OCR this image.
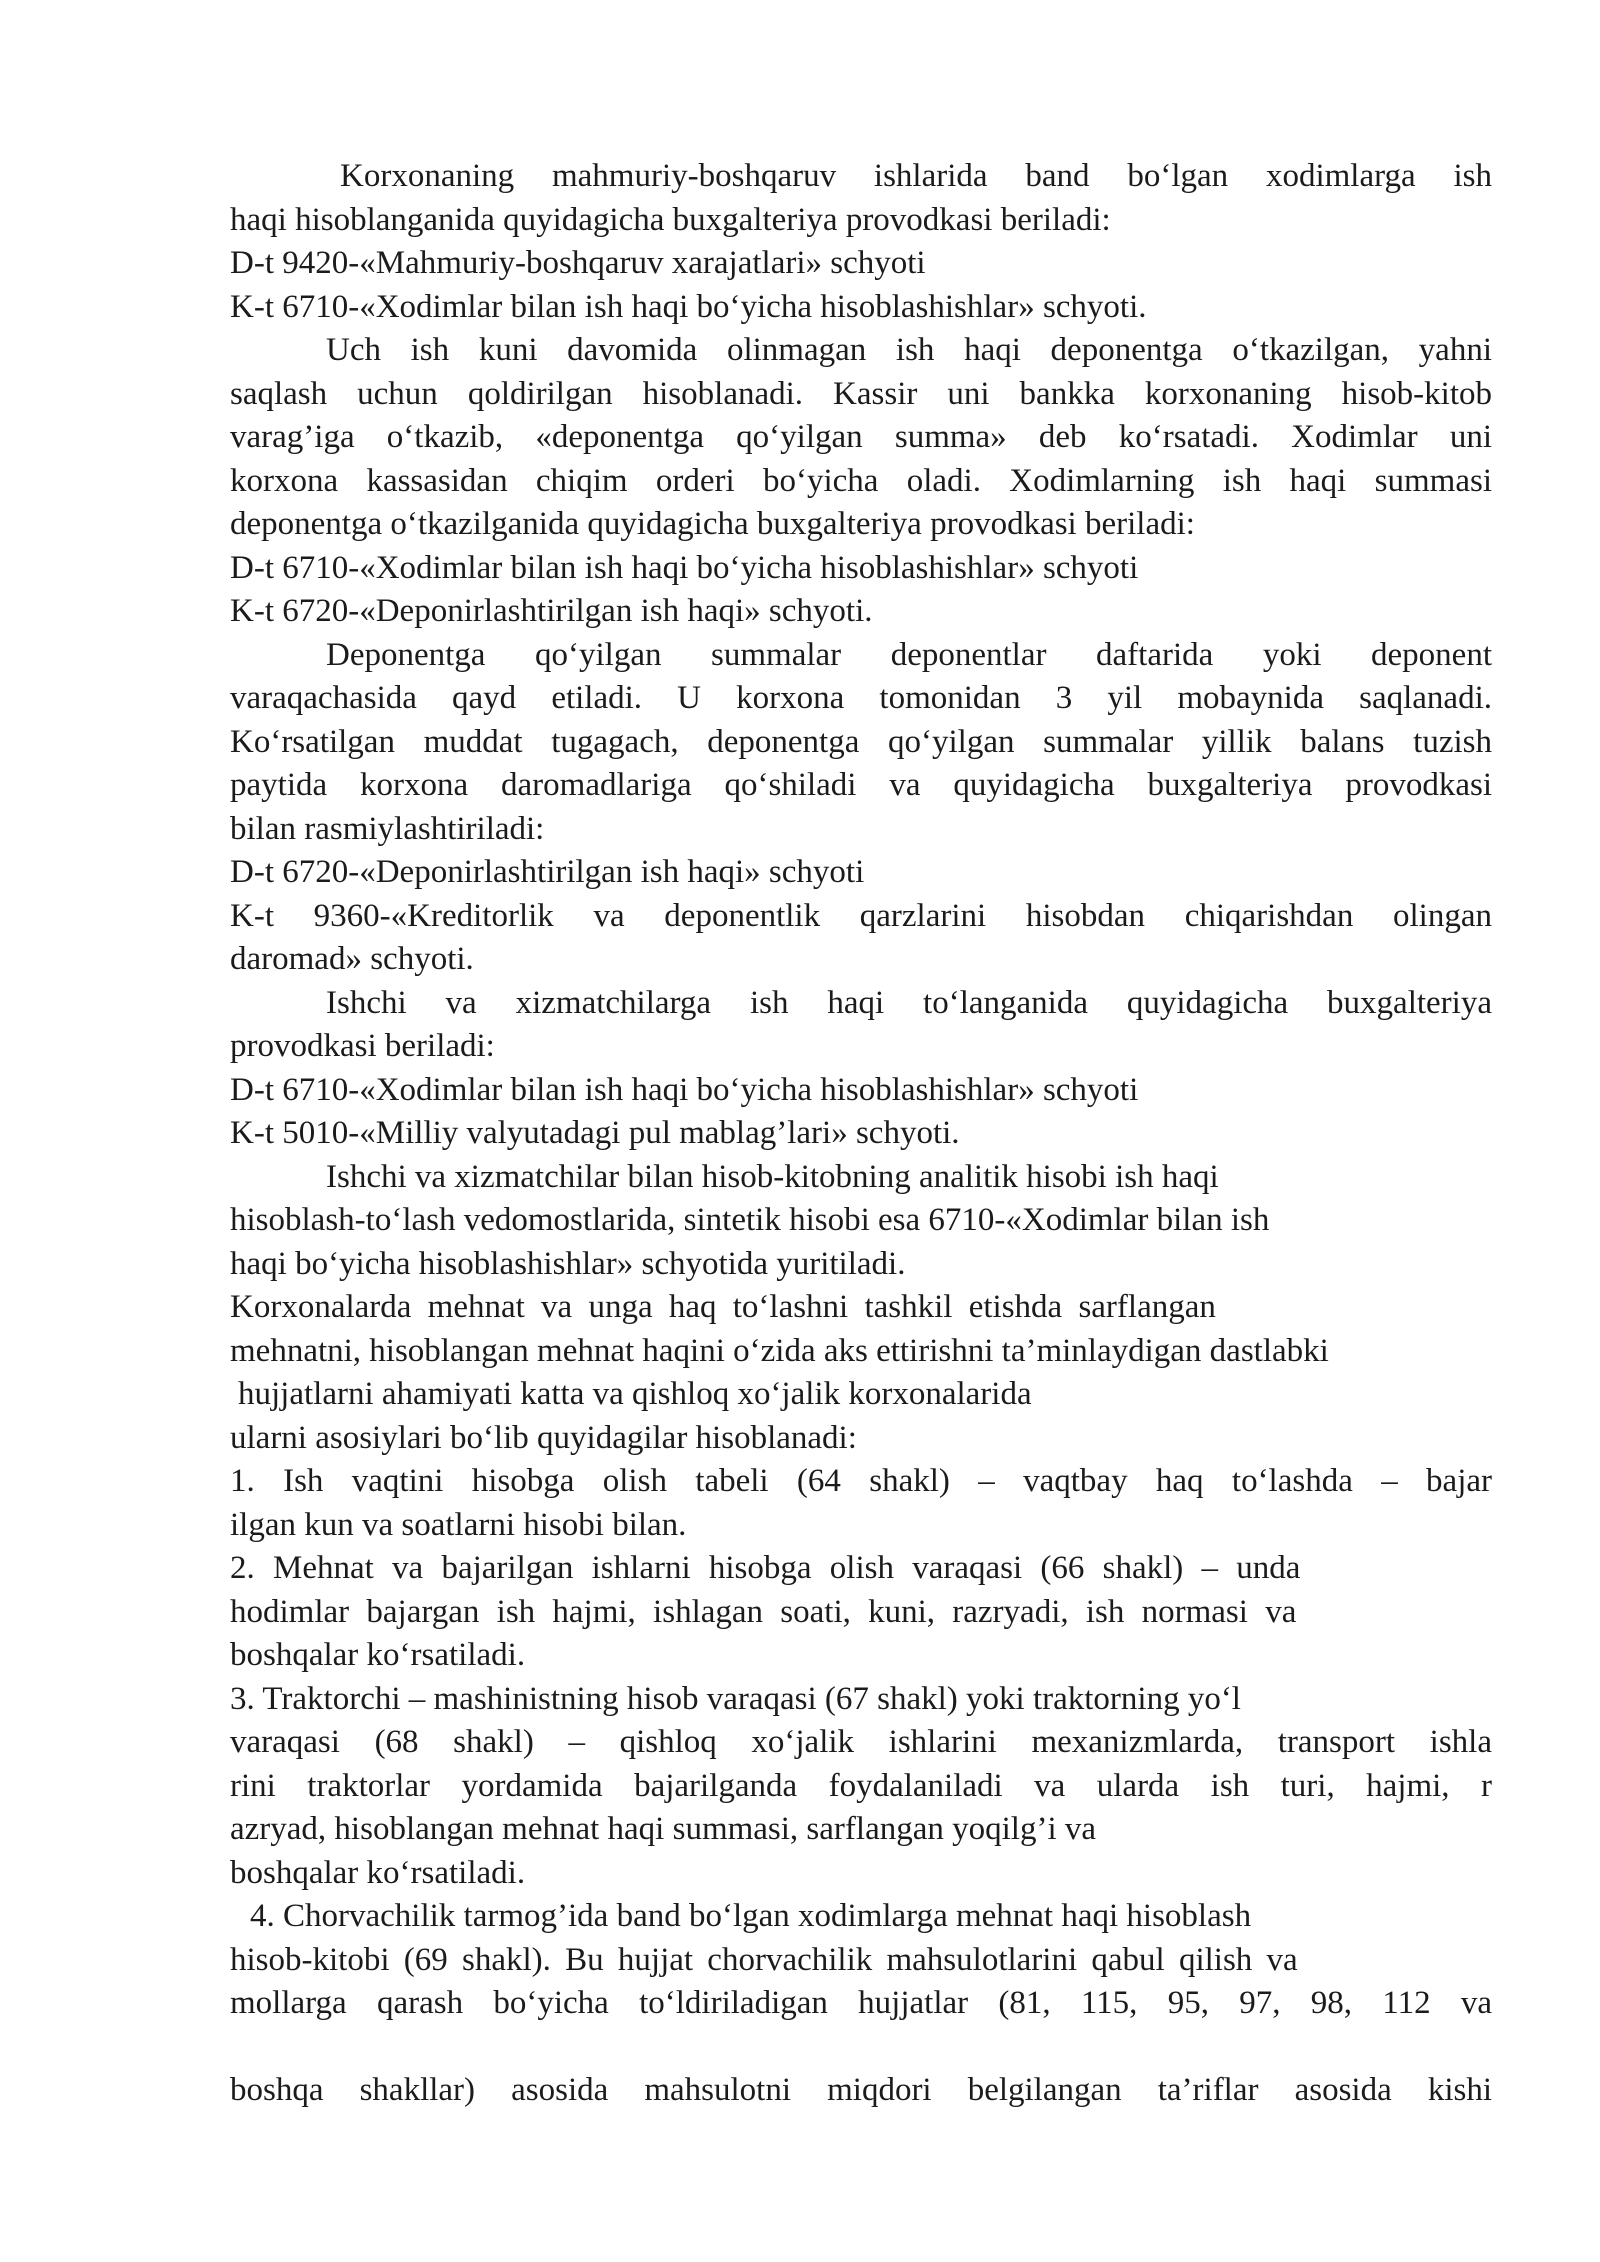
Korxonaning mahmuriy-boshqaruv ishlarida band bo‘lgan xodimlarga ish
haqi hisoblanganida quyidagicha buxgalteriya provodkasi beriladi:
D-t 9420-«Mahmuriy-boshqaruv xarajatlari» schyoti
K-t 6710-«Xodimlar bilan ish haqi bo‘yicha hisoblashishlar» schyoti.
Uch ish kuni davomida olinmagan ish haqi deponentga o‘tkazilgan, yahni
saqlash uchun qoldirilgan hisoblanadi. Kassir uni bankka korxonaning hisob-kitob
varag’iga o‘tkazib, «deponentga qo‘yilgan summa» deb ko‘rsatadi. Xodimlar uni
korxona kassasidan chiqim orderi bo‘yicha oladi. Xodimlarning ish haqi summasi
deponentga o‘tkazilganida quyidagicha buxgalteriya provodkasi beriladi:
D-t 6710-«Xodimlar bilan ish haqi bo‘yicha hisoblashishlar» schyoti
K-t 6720-«Deponirlashtirilgan ish haqi» schyoti.
Deponentga qo‘yilgan summalar deponentlar daftarida yoki deponent
varaqachasida qayd etiladi. U korxona tomonidan 3 yil mobaynida saqlanadi.
Ko‘rsatilgan muddat tugagach, deponentga qo‘yilgan summalar yillik balans tuzish
paytida korxona daromadlariga qo‘shiladi va quyidagicha buxgalteriya provodkasi
bilan rasmiylashtiriladi:
D-t 6720-«Deponirlashtirilgan ish haqi» schyoti
K-t 9360-«Kreditorlik va deponentlik qarzlarini hisobdan chiqarishdan olingan
daromad» schyoti.
Ishchi va xizmatchilarga ish haqi to‘langanida quyidagicha buxgalteriya
provodkasi beriladi:
D-t 6710-«Xodimlar bilan ish haqi bo‘yicha hisoblashishlar» schyoti
K-t 5010-«Milliy valyutadagi pul mablag’lari» schyoti.
Ishchi va xizmatchilar bilan hisob-kitobning analitik hisobi ish haqi
hisoblash-to‘lash vedomostlarida, sintetik hisobi esa 6710-«Xodimlar bilan ish
haqi bo‘yicha hisoblashishlar» schyotida yuritiladi.
Korxonalarda mehnat va unga haq to‘lashni tashkil etishda sarflangan
mehnatni, hisoblangan mehnat haqini o‘zida aks ettirishni ta’minlaydigan dastlabki
hujjatlarni ahamiyati katta va qishloq xo‘jalik korxonalarida
ularni asosiylari bo‘lib quyidagilar hisoblanadi:
1. Ish vaqtini hisobga olish tabeli (64 shakl) – vaqtbay haq to‘lashda – bajar
ilgan kun va soatlarni hisobi bilan.
2. Mehnat va bajarilgan ishlarni hisobga olish varaqasi (66 shakl) – unda
hodimlar bajargan ish hajmi, ishlagan soati, kuni, razryadi, ish normasi va
boshqalar ko‘rsatiladi.
3. Traktorchi – mashinistning hisob varaqasi (67 shakl) yoki traktorning yo‘l
varaqasi (68 shakl) – qishloq xo‘jalik ishlarini mexanizmlarda, transport ishla
rini traktorlar yordamida bajarilganda foydalaniladi va ularda ish turi, hajmi, r
azryad, hisoblangan mehnat haqi summasi, sarflangan yoqilg’i va
boshqalar ko‘rsatiladi.
4. Chorvachilik tarmog’ida band bo‘lgan xodimlarga mehnat haqi hisoblash
hisob-kitobi (69 shakl). Bu hujjat chorvachilik mahsulotlarini qabul qilish va
mollarga qarash bo‘yicha to‘ldiriladigan hujjatlar (81, 115, 95, 97, 98, 112 va
boshqa shakllar) asosida mahsulotni miqdori belgilangan ta’riflar asosida kishi
